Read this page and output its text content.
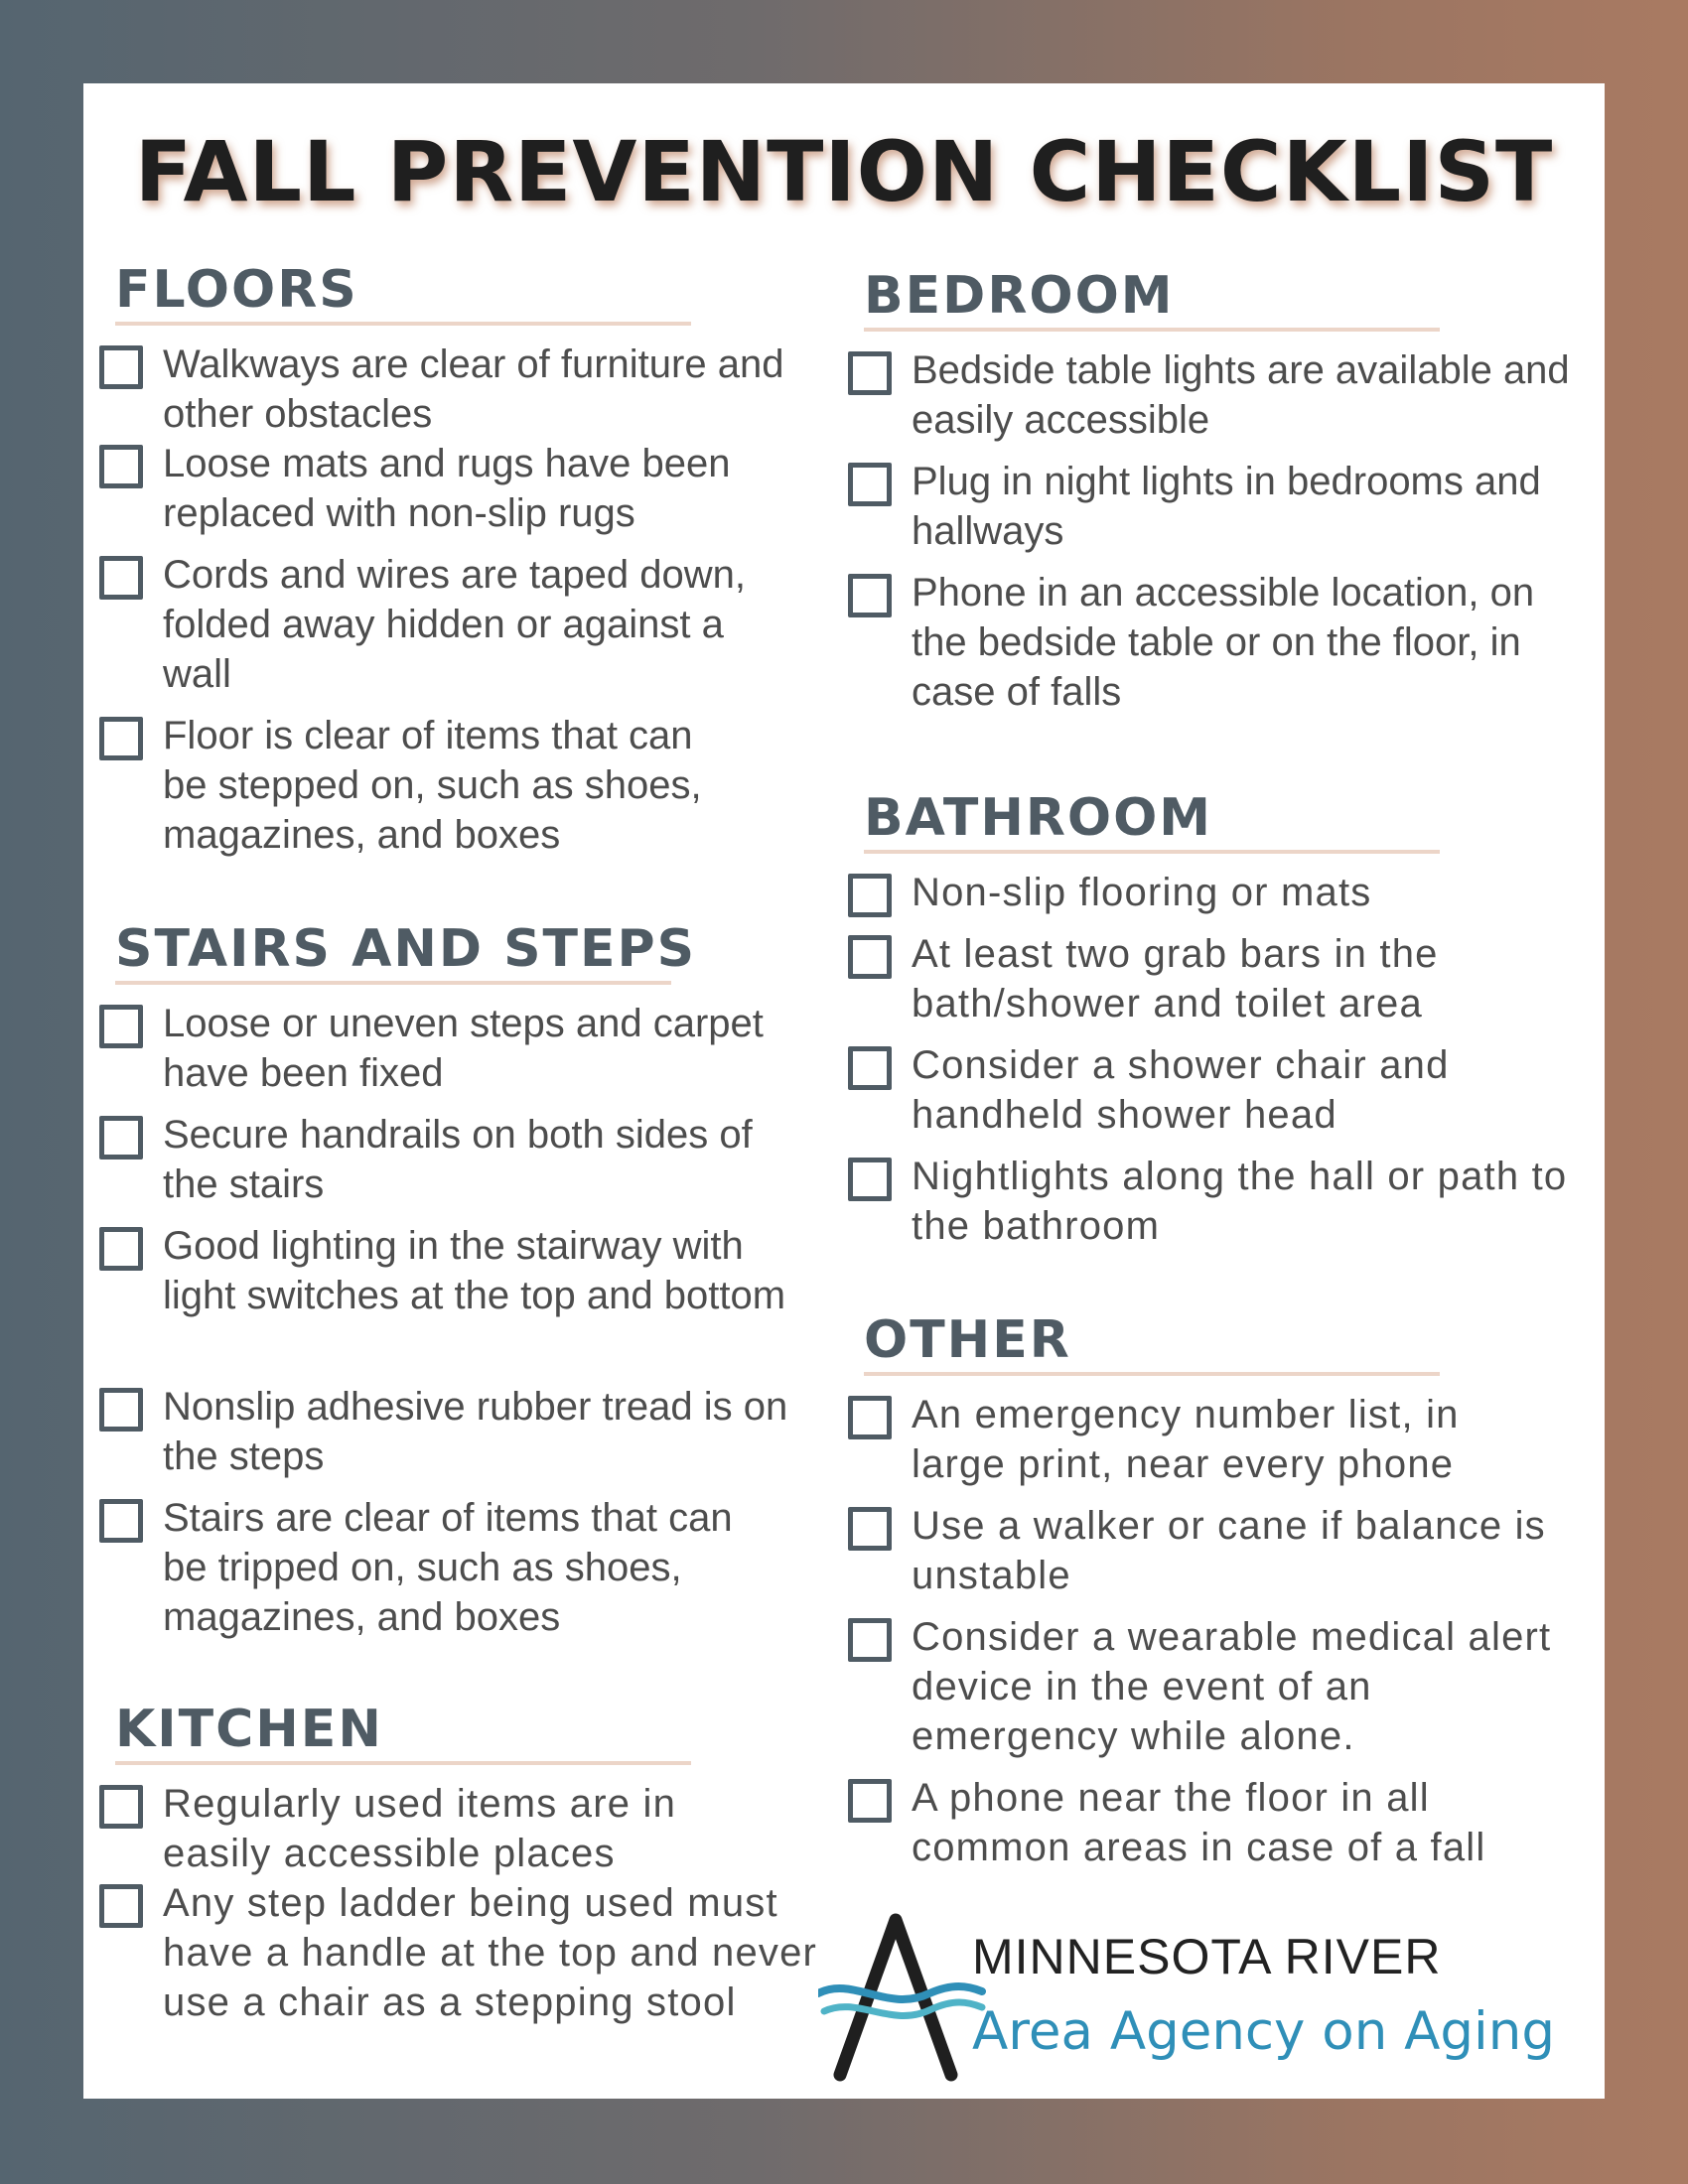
FALL PREVENTION CHECKLIST
FLOORS
Walkways are clear of furniture and other obstacles
Loose mats and rugs have been replaced with non-slip rugs
Cords and wires are taped down, folded away hidden or against a wall
Floor is clear of items that can be stepped on, such as shoes, magazines, and boxes
STAIRS AND STEPS
Loose or uneven steps and carpet have been fixed
Secure handrails on both sides of the stairs
Good lighting in the stairway with light switches at the top and bottom
Nonslip adhesive rubber tread is on the steps
Stairs are clear of items that can be tripped on, such as shoes, magazines, and boxes
KITCHEN
Regularly used items are in easily accessible places
Any step ladder being used must have a handle at the top and never use a chair as a stepping stool
BEDROOM
Bedside table lights are available and easily accessible
Plug in night lights in bedrooms and hallways
Phone in an accessible location, on the bedside table or on the floor, in case of falls
BATHROOM
Non-slip flooring or mats
At least two grab bars in the bath/shower and toilet area
Consider a shower chair and handheld shower head
Nightlights along the hall or path to the bathroom
OTHER
An emergency number list, in large print, near every phone
Use a walker or cane if balance is unstable
Consider a wearable medical alert device in the event of an emergency while alone.
A phone near the floor in all common areas in case of a fall
MINNESOTA RIVER
Area Agency on Aging
